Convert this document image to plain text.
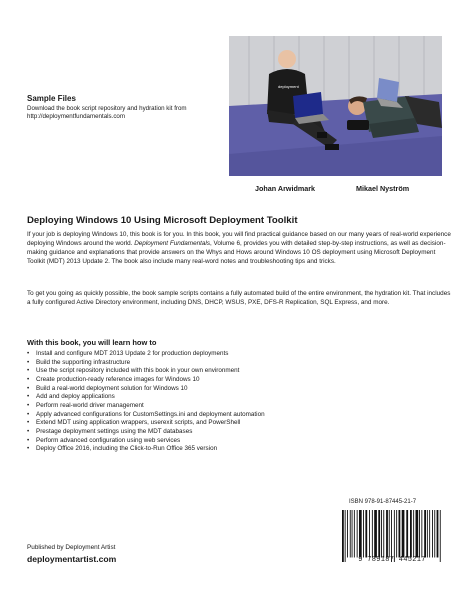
Sample Files
Download the book script repository and hydration kit from http://deploymentfundamentals.com
deployment
Johan Arwidmark	Mikael Nyström
Deploying Windows 10 Using Microsoft Deployment Toolkit
If your job is deploying Windows 10, this book is for you. In this book, you will find practical guidance based on our many years of real-world experience deploying Windows around the world. Deployment Fundamentals, Volume 6, provides you with detailed step-by-step instructions, as well as decision-making guidance and explanations that provide answers on the Whys and Hows around Windows 10 OS deployment using Microsoft Deployment Toolkit (MDT) 2013 Update 2. The book also include many real-word notes and troubleshooting tips and tricks.
To get you going as quickly possible, the book sample scripts contains a fully automated build of the entire environment, the hydration kit. That includes a fully configured Active Directory environment, including DNS, DHCP, WSUS, PXE, DFS-R Replication, SQL Express, and more.
With this book, you will learn how to
• Install and configure MDT 2013 Update 2 for production deployments
• Build the supporting infrastructure
• Use the script repository included with this book in your own environment
• Create production-ready reference images for Windows 10
• Build a real-world deployment solution for Windows 10
• Add and deploy applications
• Perform real-world driver management
• Apply advanced configurations for CustomSettings.ini and deployment automation
• Extend MDT using application wrappers, userexit scripts, and PowerShell
• Prestage deployment settings using the MDT databases
• Perform advanced configuration using web services
• Deploy Office 2016, including the Click-to-Run Office 365 version
ISBN 978-91-87445-21-7
9 789187 445217
Published by Deployment Artist
deploymentartist.com
